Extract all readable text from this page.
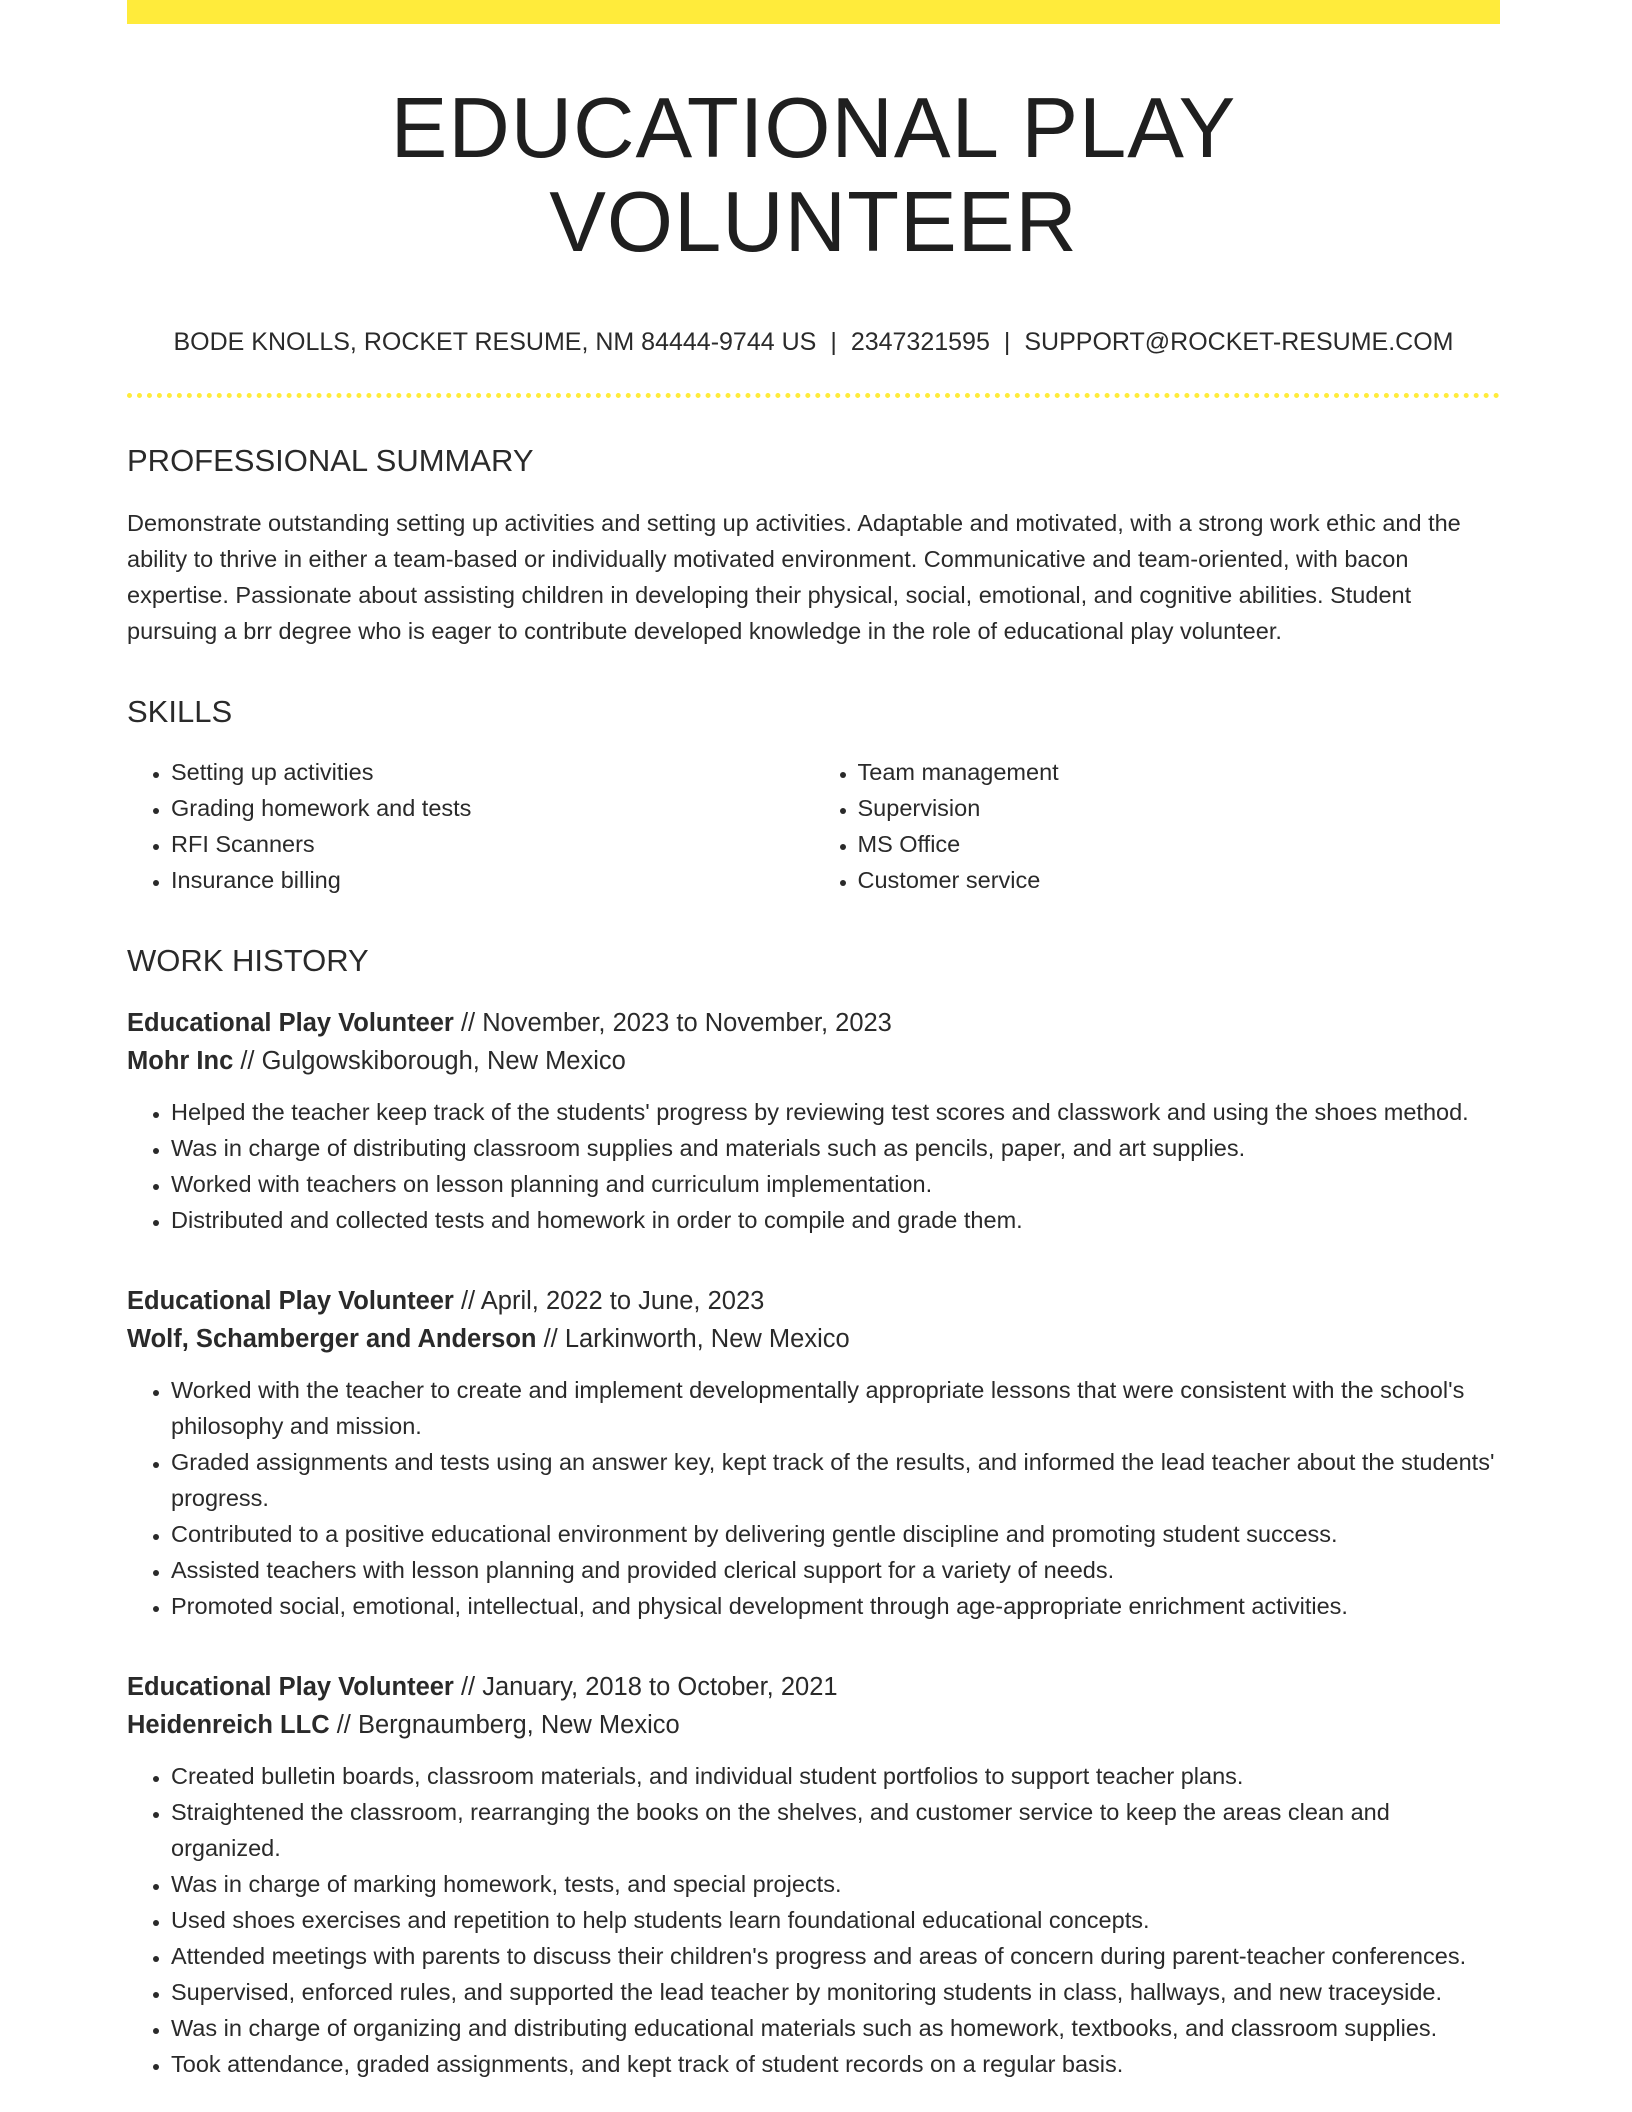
EDUCATIONAL PLAY VOLUNTEER
BODE KNOLLS, ROCKET RESUME, NM 84444-9744 US | 2347321595 | SUPPORT@ROCKET-RESUME.COM
PROFESSIONAL SUMMARY

Demonstrate outstanding setting up activities and setting up activities. Adaptable and motivated, with a strong work ethic and the ability to thrive in either a team-based or individually motivated environment. Communicative and team-oriented, with bacon expertise. Passionate about assisting children in developing their physical, social, emotional, and cognitive abilities. Student pursuing a brr degree who is eager to contribute developed knowledge in the role of educational play volunteer.

SKILLS
• Setting up activities
• Grading homework and tests
• RFI Scanners
• Insurance billing
• Team management
• Supervision
• MS Office
• Customer service
WORK HISTORY
Educational Play Volunteer // November, 2023 to November, 2023
Mohr Inc // Gulgowskiborough, New Mexico
• Helped the teacher keep track of the students' progress by reviewing test scores and classwork and using the shoes method.
• Was in charge of distributing classroom supplies and materials such as pencils, paper, and art supplies.
• Worked with teachers on lesson planning and curriculum implementation.
• Distributed and collected tests and homework in order to compile and grade them.
Educational Play Volunteer // April, 2022 to June, 2023
Wolf, Schamberger and Anderson // Larkinworth, New Mexico
• Worked with the teacher to create and implement developmentally appropriate lessons that were consistent with the school's philosophy and mission.
• Graded assignments and tests using an answer key, kept track of the results, and informed the lead teacher about the students' progress.
• Contributed to a positive educational environment by delivering gentle discipline and promoting student success.
• Assisted teachers with lesson planning and provided clerical support for a variety of needs.
• Promoted social, emotional, intellectual, and physical development through age-appropriate enrichment activities.
Educational Play Volunteer // January, 2018 to October, 2021
Heidenreich LLC // Bergnaumberg, New Mexico
• Created bulletin boards, classroom materials, and individual student portfolios to support teacher plans.
• Straightened the classroom, rearranging the books on the shelves, and customer service to keep the areas clean and organized.
• Was in charge of marking homework, tests, and special projects.
• Used shoes exercises and repetition to help students learn foundational educational concepts.
• Attended meetings with parents to discuss their children's progress and areas of concern during parent-teacher conferences.
• Supervised, enforced rules, and supported the lead teacher by monitoring students in class, hallways, and new traceyside.
• Was in charge of organizing and distributing educational materials such as homework, textbooks, and classroom supplies.
• Took attendance, graded assignments, and kept track of student records on a regular basis.
